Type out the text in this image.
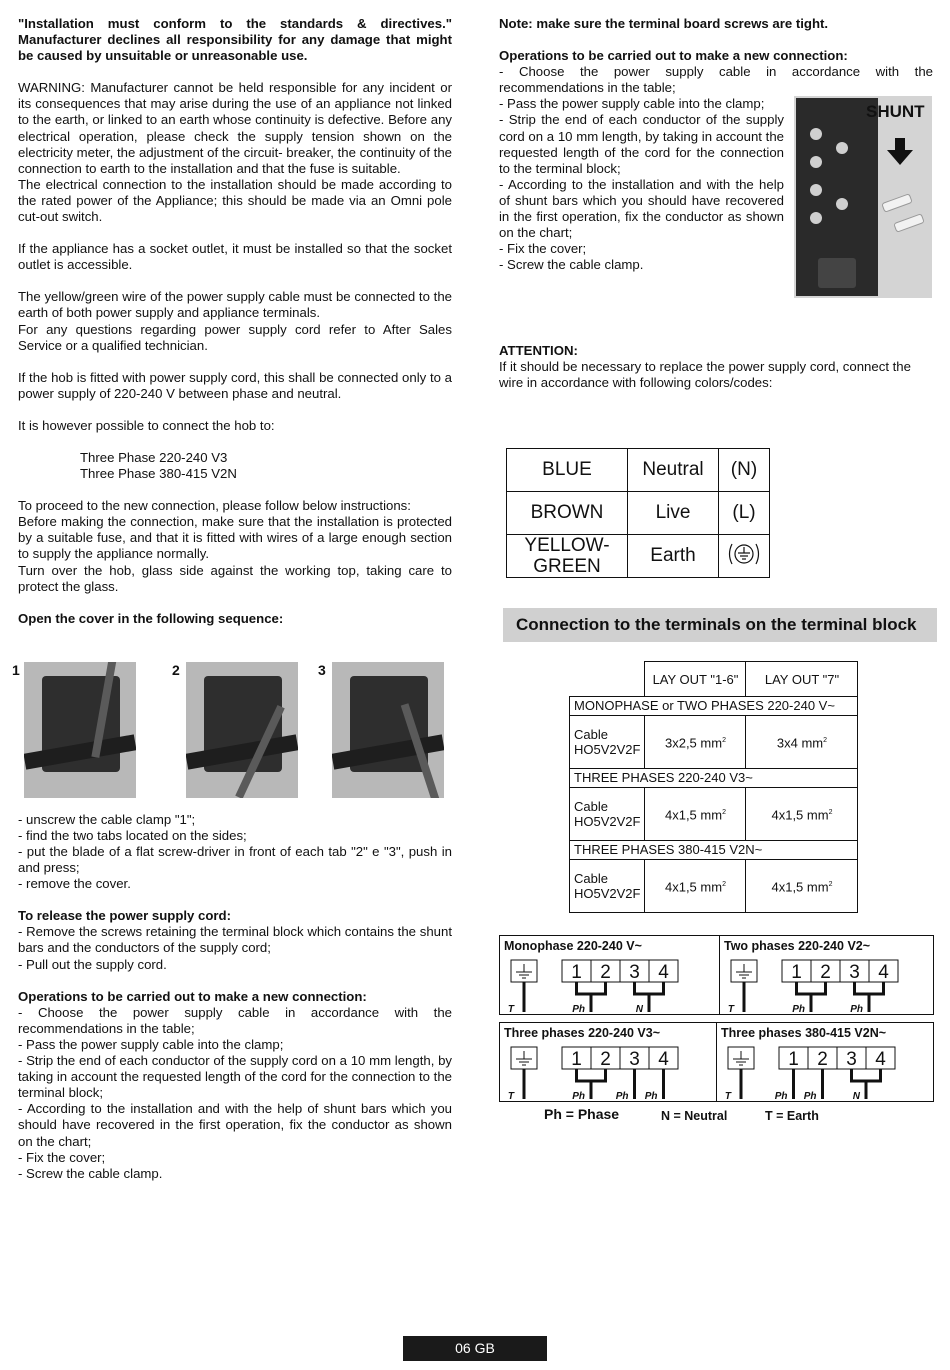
"Installation must conform to the standards & directives." Manufacturer declines all responsibility for any damage that might be caused by unsuitable or unreasonable use.

WARNING: Manufacturer cannot be held responsible for any incident or its consequences that may arise during the use of an appliance not linked to the earth, or linked to an earth whose continuity is defective. Before any electrical operation, please check the supply tension shown on the electricity meter, the adjustment of the circuit- breaker, the continuity of the connection to earth to the installation and that the fuse is suitable.

The electrical connection to the installation should be made according to the rated power of the Appliance; this should be made via an Omni pole cut-out switch.

If the appliance has a socket outlet, it must be installed so that the socket outlet is accessible.

The yellow/green wire of the power supply cable must be connected to the earth of both power supply and appliance terminals.

For any questions regarding power supply cord refer to After Sales Service or a qualified technician.

If the hob is fitted with power supply cord, this shall be connected only to a power supply of 220-240 V between phase and neutral.

It is however possible to connect the hob to:

Three Phase 220-240 V3

Three Phase 380-415 V2N

To proceed to the new connection, please follow below instructions:

Before making the connection, make sure that the installation is protected by a suitable fuse, and that it is fitted with wires of a large enough section to supply the appliance normally.

Turn over the hob, glass side against the working top, taking care to protect the glass.

Open the cover in the following sequence:

1	2	3

- unscrew the cable clamp "1";

- find the two tabs located on the sides;

- put the blade of a flat screw-driver in front of each tab "2" e "3", push in and press;

- remove the cover.

To release the power supply cord:

- Remove the screws retaining the terminal block which contains the shunt bars and the conductors of the supply cord;

- Pull out the supply cord.

Operations to be carried out to make a new connection:

- Choose the power supply cable in accordance with the recommendations in the table;

- Pass the power supply cable into the clamp;

- Strip the end of each conductor of the supply cord on a 10 mm length, by taking in account the requested length of the cord for the connection to the terminal block;

- According to the installation and with the help of shunt bars which you should have recovered in the first operation, fix the conductor as shown on the chart;

- Fix the cover;

- Screw the cable clamp.

Note: make sure the terminal board screws are tight.

Operations to be carried out to make a new connection:

- Choose the power supply cable in accordance with the recommendations in the table;

- Pass the power supply cable into the clamp;

- Strip the end of each conductor of the supply cord on a 10 mm length, by taking in account the requested length of the cord for the connection to the terminal block;

- According to the installation and with the help of shunt bars which you should have recovered in the first operation, fix the conductor as shown on the chart;

- Fix the cover;

- Screw the cable clamp.

SHUNT

ATTENTION:

If it should be necessary to replace the power supply cord, connect the wire in accordance with following colors/codes:

BLUE	Neutral	(N)
BROWN	Live	(L)
YELLOW-GREEN	Earth	
Connection to the terminals on the terminal block
	LAY OUT "1-6"	LAY OUT "7"
MONOPHASE or TWO PHASES 220-240 V~		
Cable HO5V2V2F	3x2,5 $mm^2$	3x4 $mm^2$
THREE PHASES 220-240 V3~		
Cable HO5V2V2F	4x1,5 $mm^2$	4x1,5 $mm^2$
THREE PHASES 380-415 V2N~		
Cable HO5V2V2F	4x1,5 $mm^2$	4x1,5 $mm^2$
Monophase 220-240 V~
1 2 3 4
T	Ph	N
Two phases 220-240 V2~
1 2 3 4
T	Ph	Ph
Three phases 220-240 V3~
1 2 3 4
T	Ph	Ph Ph
Three phases 380-415 V2N~
1 2 3 4
T	Ph Ph	N
Ph = Phase	N = Neutral	T = Earth
06 GB
